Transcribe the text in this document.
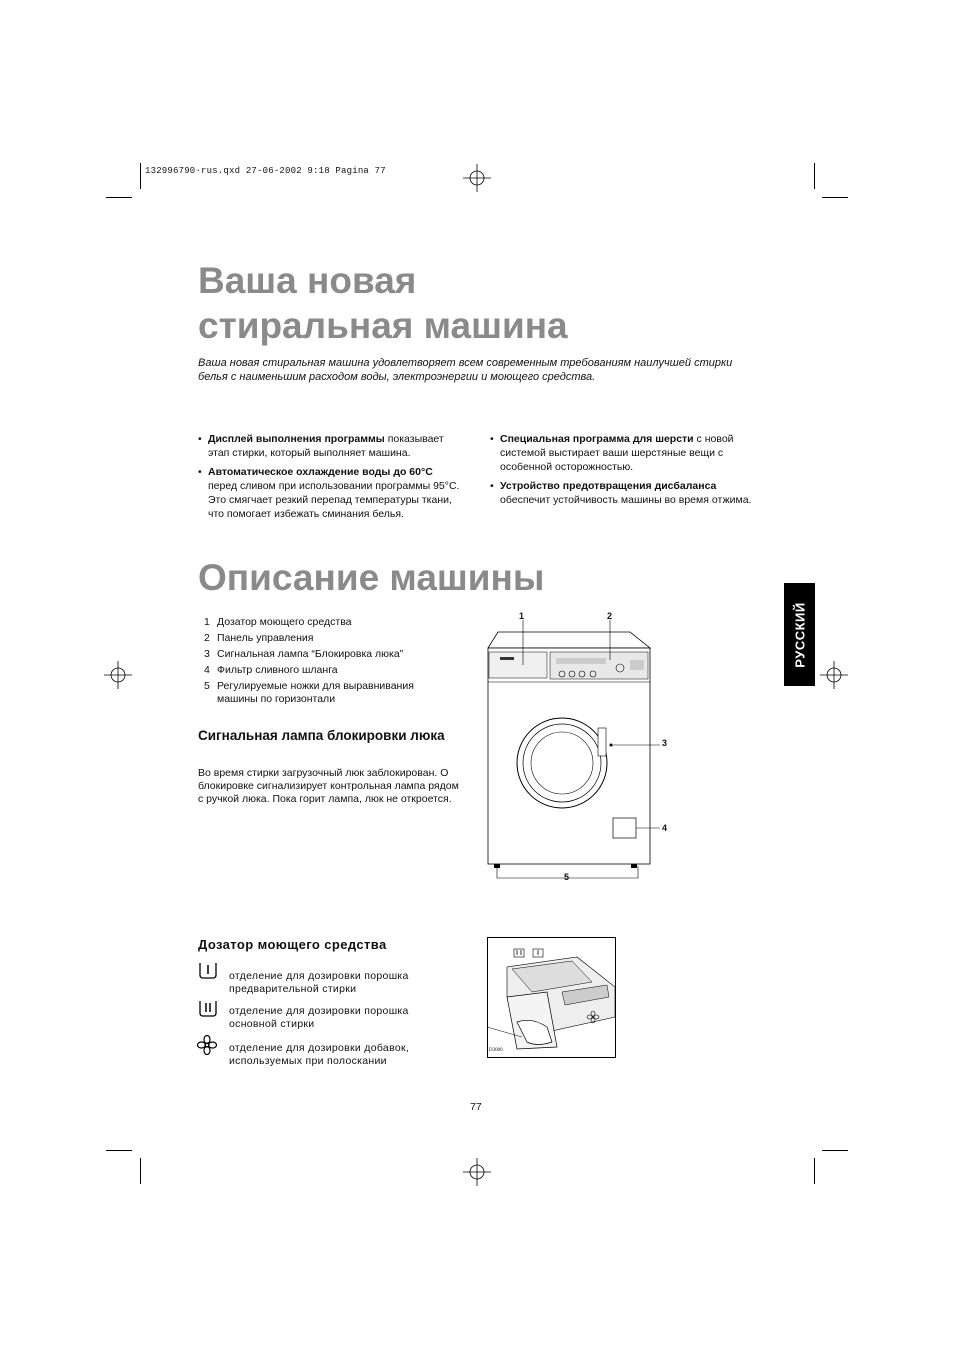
132996790·rus.qxd 27-06-2002 9:18 Pagina 77
Ваша новая
стиральная машина
Ваша новая стиральная машина удовлетворяет всем современным требованиям наилучшей стирки белья с наименьшим расходом воды, электроэнергии и моющего средства.
• Дисплей выполнения программы показывает этап стирки, который выполняет машина.
• Автоматическое охлаждение воды до 60°C перед сливом при использовании программы 95°C. Это смягчает резкий перепад температуры ткани, что помогает избежать сминания белья.
• Специальная программа для шерсти с новой системой выстирает ваши шерстяные вещи с особенной осторожностью.
• Устройство предотвращения дисбаланса обеспечит устойчивость машины во время отжима.
Описание машины
РУССКИЙ
1 Дозатор моющего средства
2 Панель управления
3 Сигнальная лампа “Блокировка люка”
4 Фильтр сливного шланга
5 Регулируемые ножки для выравнивания машины по горизонтали
Сигнальная лампа блокировки люка
Во время стирки загрузочный люк заблокирован. О блокировке сигнализирует контрольная лампа рядом с ручкой люка. Пока горит лампа, люк не откроется.
1	2
3
4
5
Дозатор моющего средства
отделение для дозировки порошка предварительной стирки
отделение для дозировки порошка основной стирки
отделение для дозировки добавок, используемых при полоскании
D3000
77
